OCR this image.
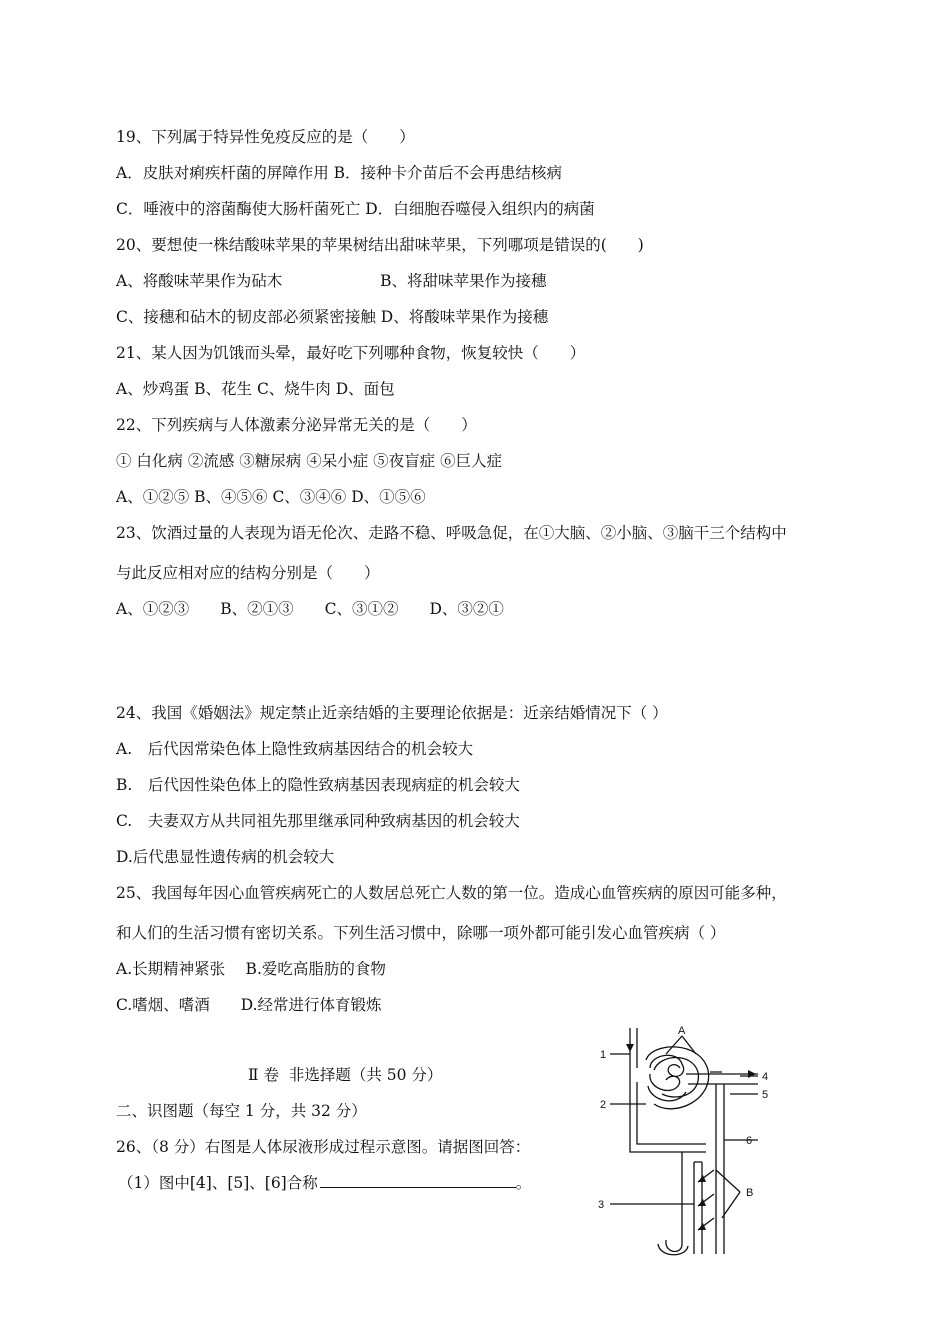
19、下列属于特异性免疫反应的是（　　）
A．皮肤对痢疾杆菌的屏障作用 B．接种卡介苗后不会再患结核病
C．唾液中的溶菌酶使大肠杆菌死亡 D．白细胞吞噬侵入组织内的病菌
20、要想使一株结酸味苹果的苹果树结出甜味苹果，下列哪项是错误的(　　)
A、将酸味苹果作为砧木　　　　　　 B、将甜味苹果作为接穗
C、接穗和砧木的韧皮部必须紧密接触 D、将酸味苹果作为接穗
21、某人因为饥饿而头晕，最好吃下列哪种食物，恢复较快（　　）
A、炒鸡蛋 B、花生 C、烧牛肉 D、面包
22、下列疾病与人体激素分泌异常无关的是（　　）
① 白化病 ②流感 ③糖尿病 ④呆小症 ⑤夜盲症 ⑥巨人症
A、①②⑤ B、④⑤⑥ C、③④⑥ D、①⑤⑥
23、饮酒过量的人表现为语无伦次、走路不稳、呼吸急促，在①大脑、②小脑、③脑干三个结构中
与此反应相对应的结构分别是（　　）
A、①②③　　B、②①③　　C、③①②　　D、③②①
24、我国《婚姻法》规定禁止近亲结婚的主要理论依据是：近亲结婚情况下（ ）
A.　后代因常染色体上隐性致病基因结合的机会较大
B.　后代因性染色体上的隐性致病基因表现病症的机会较大
C.　夫妻双方从共同祖先那里继承同种致病基因的机会较大
D.后代患显性遗传病的机会较大
25、我国每年因心血管疾病死亡的人数居总死亡人数的第一位。造成心血管疾病的原因可能多种，
和人们的生活习惯有密切关系。下列生活习惯中，除哪一项外都可能引发心血管疾病（ ）
A.长期精神紧张　 B.爱吃高脂肪的食物
C.嗜烟、嗜酒　　D.经常进行体育锻炼
Ⅱ 卷  非选择题（共 50 分）
二、识图题（每空 1 分，共 32 分）
26、（8 分）右图是人体尿液形成过程示意图。请据图回答：
（1）图中[4]、[5]、[6]合称	。
A
1
2
3
4
5
6
B
